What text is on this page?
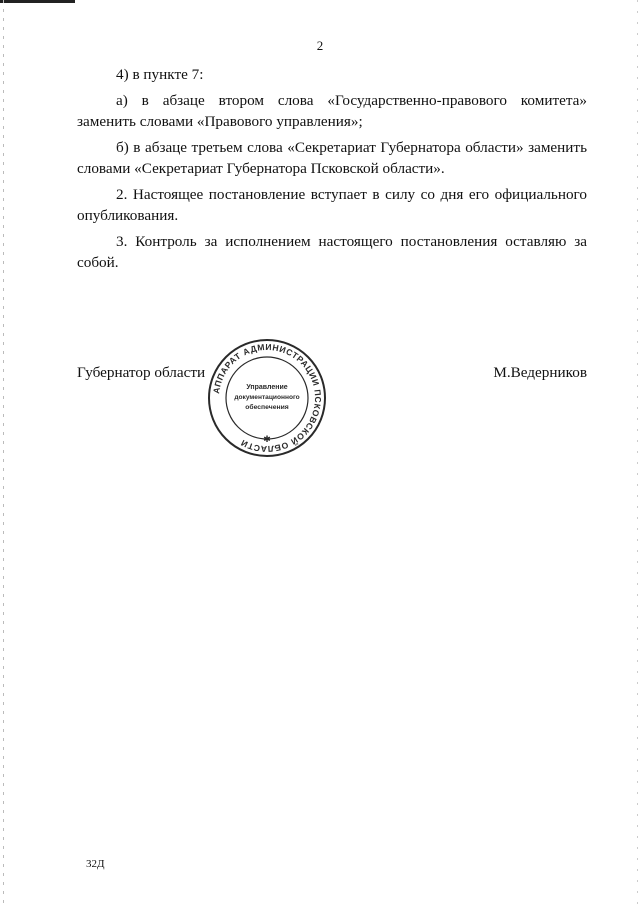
2

4) в пункте 7:

а) в абзаце втором слова «Государственно-правового комитета» заменить словами «Правового управления»;

б) в абзаце третьем слова «Секретариат Губернатора области» заменить словами «Секретариат Губернатора Псковской области».

2. Настоящее постановление вступает в силу со дня его официального опубликования.

3. Контроль за исполнением настоящего постановления оставляю за собой.

Губернатор области	М.Ведерников
АППАРАТ АДМИНИСТРАЦИИ ПСКОВСКОЙ ОБЛАСТИ
Управление
документационного
обеспечения
✱
32Д
